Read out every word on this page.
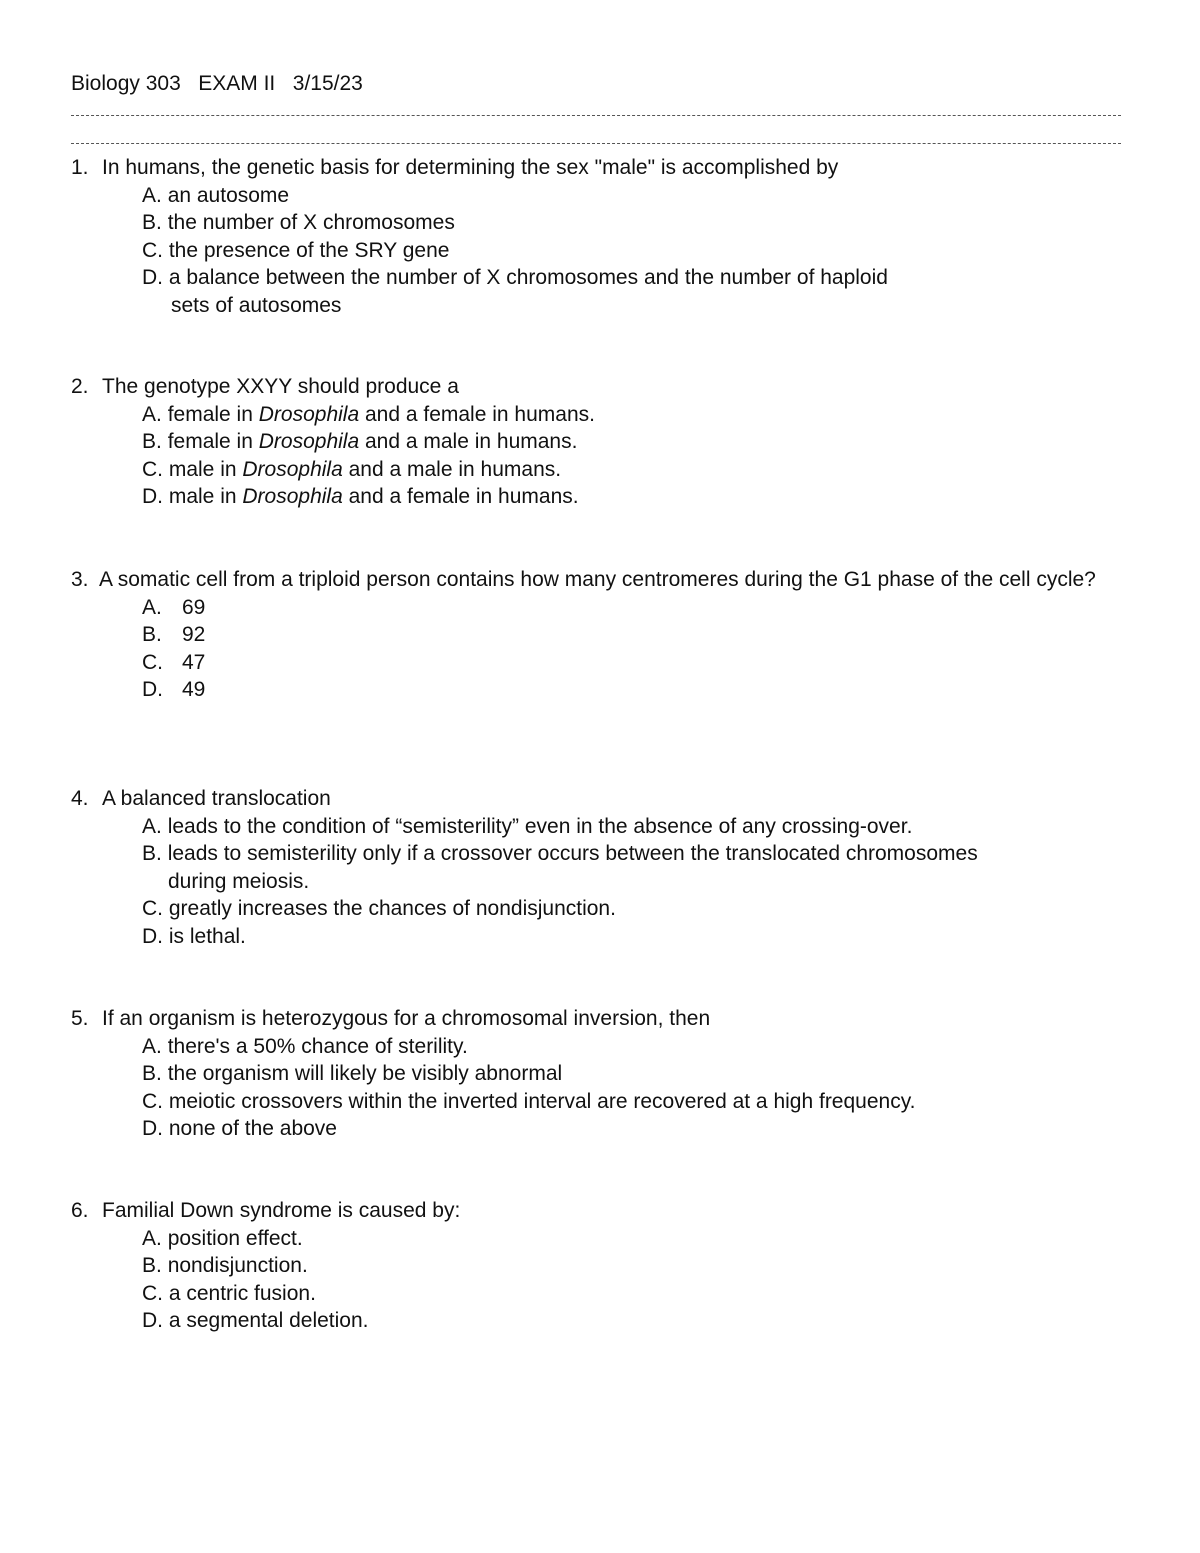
Biology 303   EXAM II   3/15/23

1. In humans, the genetic basis for determining the sex "male" is accomplished by

A. an autosome
B. the number of X chromosomes
C. the presence of the SRY gene
D. a balance between the number of X chromosomes and the number of haploid
sets of autosomes

2. The genotype XXYY should produce a

A. female in Drosophila and a female in humans.
B. female in Drosophila and a male in humans.
C. male in Drosophila and a male in humans.
D. male in Drosophila and a female in humans.

3. A somatic cell from a triploid person contains how many centromeres during the G1 phase of the cell cycle?

A. 69
B. 92
C. 47
D. 49

4. A balanced translocation

A. leads to the condition of “semisterility” even in the absence of any crossing-over.
B. leads to semisterility only if a crossover occurs between the translocated chromosomes
during meiosis.
C. greatly increases the chances of nondisjunction.
D. is lethal.

5. If an organism is heterozygous for a chromosomal inversion, then

A. there's a 50% chance of sterility.
B. the organism will likely be visibly abnormal
C. meiotic crossovers within the inverted interval are recovered at a high frequency.
D. none of the above

6. Familial Down syndrome is caused by:

A. position effect.
B. nondisjunction.
C. a centric fusion.
D. a segmental deletion.
